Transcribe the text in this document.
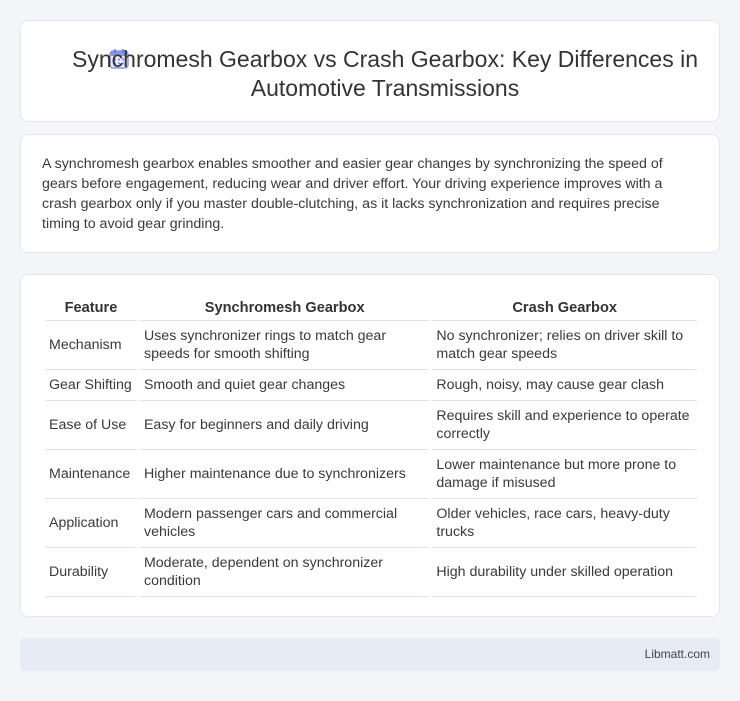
Synchromesh Gearbox vs Crash Gearbox: Key Differences in Automotive Transmissions

A synchromesh gearbox enables smoother and easier gear changes by synchronizing the speed of gears before engagement, reducing wear and driver effort. Your driving experience improves with a crash gearbox only if you master double-clutching, as it lacks synchronization and requires precise timing to avoid gear grinding.

Feature	Synchromesh Gearbox	Crash Gearbox
Mechanism	Uses synchronizer rings to match gear speeds for smooth shifting	No synchronizer; relies on driver skill to match gear speeds
Gear Shifting	Smooth and quiet gear changes	Rough, noisy, may cause gear clash
Ease of Use	Easy for beginners and daily driving	Requires skill and experience to operate correctly
Maintenance	Higher maintenance due to synchronizers	Lower maintenance but more prone to damage if misused
Application	Modern passenger cars and commercial vehicles	Older vehicles, race cars, heavy-duty trucks
Durability	Moderate, dependent on synchronizer condition	High durability under skilled operation
Libmatt.com
